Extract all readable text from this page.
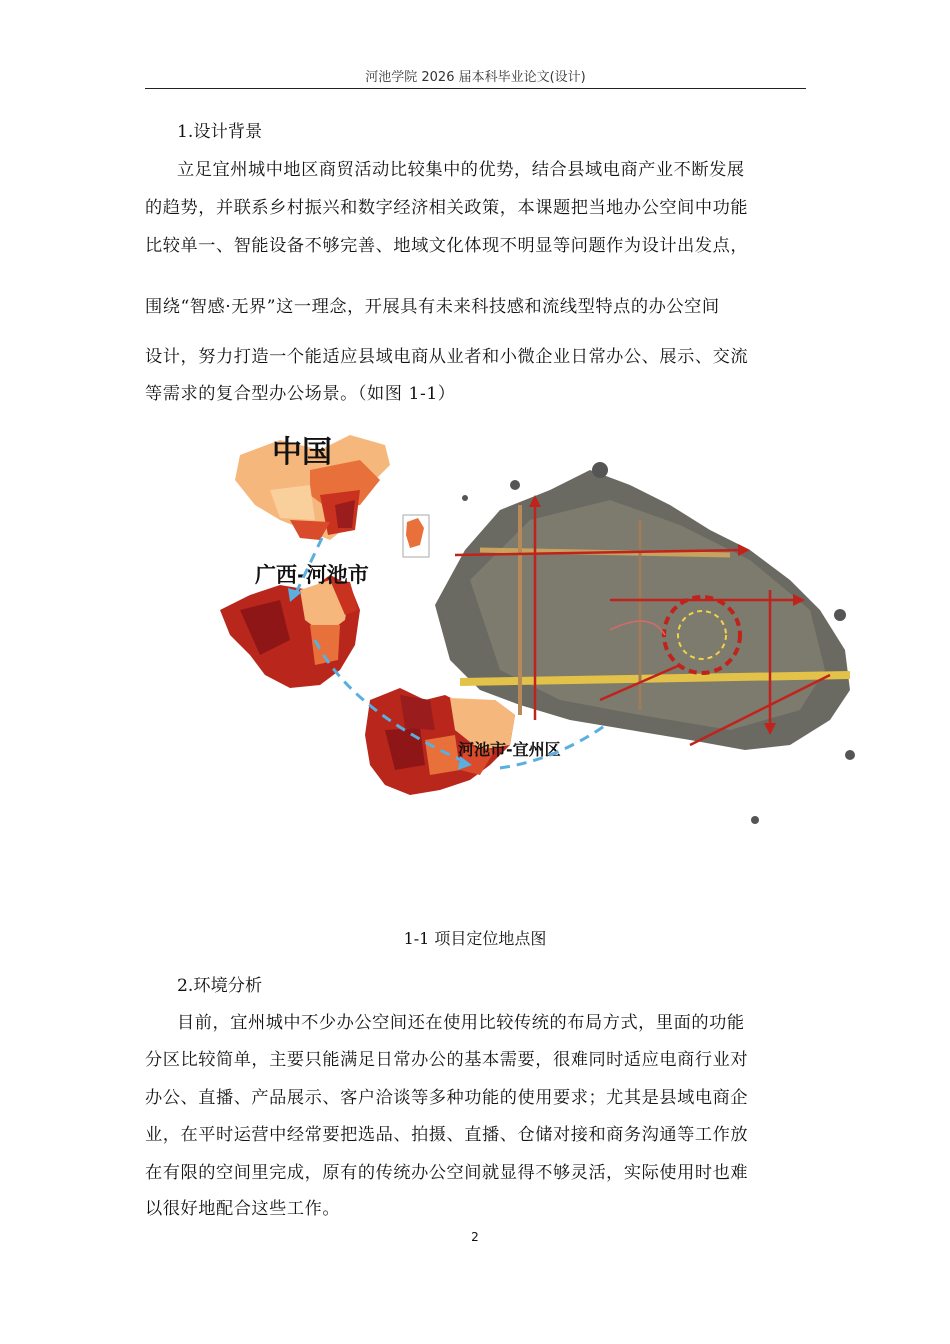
河池学院 2026 届本科毕业论文(设计)
1.设计背景
立足宜州城中地区商贸活动比较集中的优势，结合县域电商产业不断发展
的趋势，并联系乡村振兴和数字经济相关政策，本课题把当地办公空间中功能
比较单一、智能设备不够完善、地域文化体现不明显等问题作为设计出发点，
围绕“智感·无界”这一理念，开展具有未来科技感和流线型特点的办公空间
设计，努力打造一个能适应县域电商从业者和小微企业日常办公、展示、交流
等需求的复合型办公场景。（如图 1-1）
中国
广西-河池市
河池市-宜州区
1-1 项目定位地点图
2.环境分析
目前，宜州城中不少办公空间还在使用比较传统的布局方式，里面的功能
分区比较简单，主要只能满足日常办公的基本需要，很难同时适应电商行业对
办公、直播、产品展示、客户洽谈等多种功能的使用要求；尤其是县域电商企
业，在平时运营中经常要把选品、拍摄、直播、仓储对接和商务沟通等工作放
在有限的空间里完成，原有的传统办公空间就显得不够灵活，实际使用时也难
以很好地配合这些工作。
2
